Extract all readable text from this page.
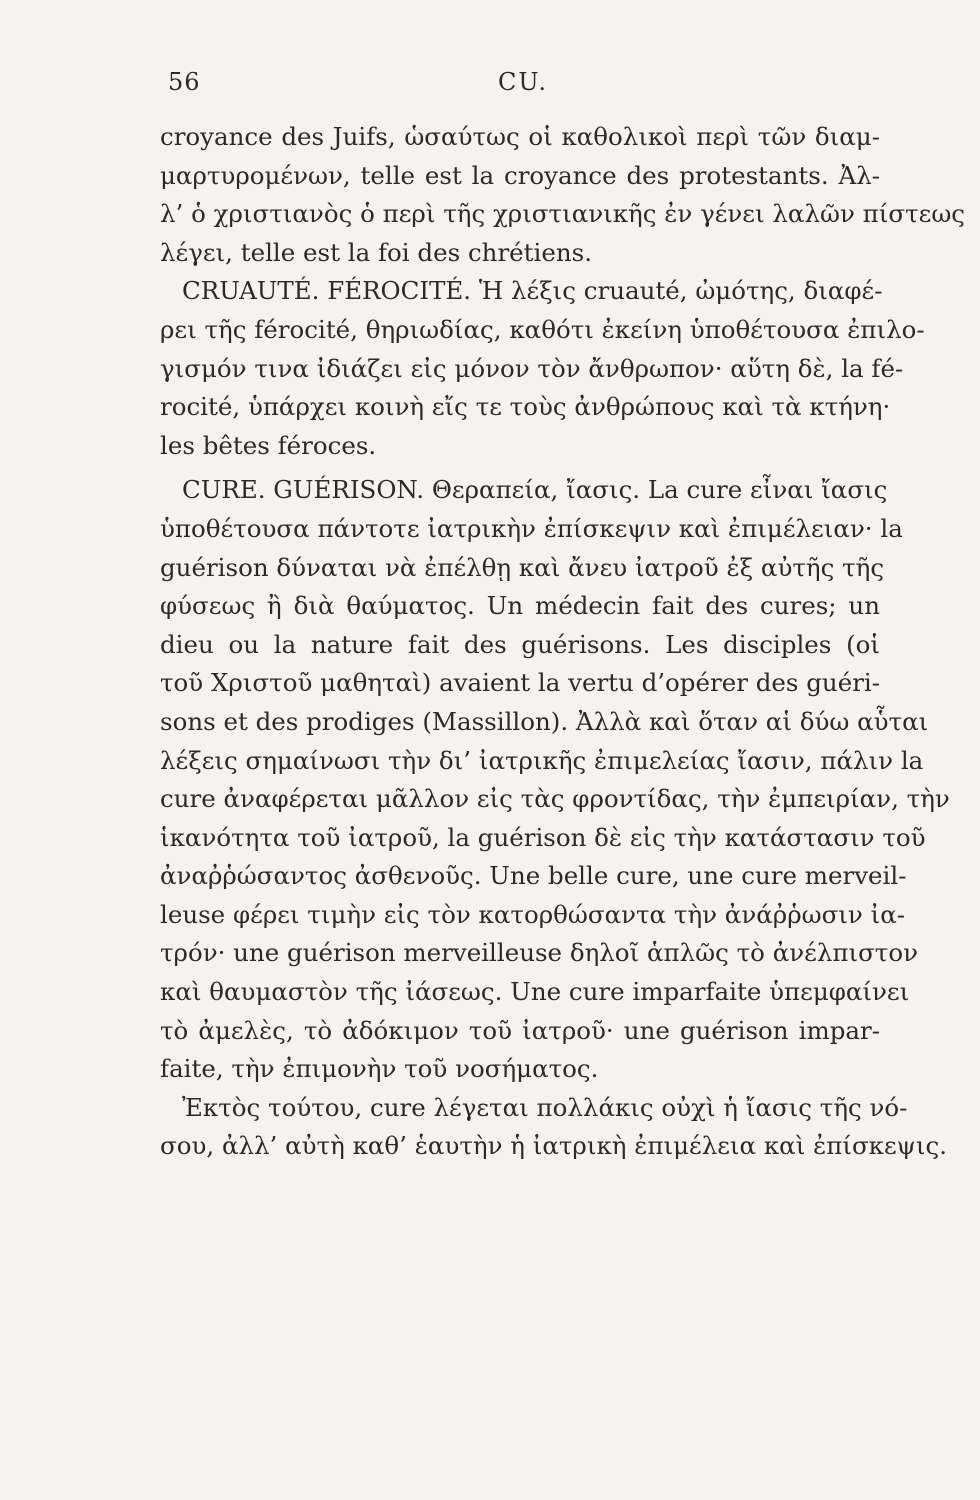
56	CU.
croyance des Juifs, ὡσαύτως οἱ καθολικοὶ περὶ τῶν διαμ-
μαρτυρομένων, telle est la croyance des protestants. Ἀλ-
λ’ ὁ χριστιανὸς ὁ περὶ τῆς χριστιανικῆς ἐν γένει λαλῶν πίστεως
λέγει, telle est la foi des chrétiens.
CRUAUTÉ. FÉROCITÉ. Ἡ λέξις cruauté, ὠμότης, διαφέ-
ρει τῆς férocité, θηριωδίας, καθότι ἐκείνη ὑποθέτουσα ἐπιλο-
γισμόν τινα ἰδιάζει εἰς μόνον τὸν ἄνθρωπον· αὕτη δὲ, la fé-
rocité, ὑπάρχει κοινὴ εἴς τε τοὺς ἀνθρώπους καὶ τὰ κτήνη·
les bêtes féroces.
CURE. GUÉRISON. Θεραπεία, ἴασις. La cure εἶναι ἴασις
ὑποθέτουσα πάντοτε ἰατρικὴν ἐπίσκεψιν καὶ ἐπιμέλειαν· la
guérison δύναται νὰ ἐπέλθῃ καὶ ἄνευ ἰατροῦ ἐξ αὐτῆς τῆς
φύσεως ἢ διὰ θαύματος. Un médecin fait des cures; un
dieu ou la nature fait des guérisons. Les disciples (οἱ
τοῦ Χριστοῦ μαθηταὶ) avaient la vertu d’opérer des guéri-
sons et des prodiges (Massillon). Ἀλλὰ καὶ ὅταν αἱ δύω αὗται
λέξεις σημαίνωσι τὴν δι’ ἰατρικῆς ἐπιμελείας ἴασιν, πάλιν la
cure ἀναφέρεται μᾶλλον εἰς τὰς φροντίδας, τὴν ἐμπειρίαν, τὴν
ἱκανότητα τοῦ ἰατροῦ, la guérison δὲ εἰς τὴν κατάστασιν τοῦ
ἀναῤῥώσαντος ἀσθενοῦς. Une belle cure, une cure merveil-
leuse φέρει τιμὴν εἰς τὸν κατορθώσαντα τὴν ἀνάῤῥωσιν ἰα-
τρόν· une guérison merveilleuse δηλοῖ ἁπλῶς τὸ ἀνέλπιστον
καὶ θαυμαστὸν τῆς ἰάσεως. Une cure imparfaite ὑπεμφαίνει
τὸ ἀμελὲς, τὸ ἀδόκιμον τοῦ ἰατροῦ· une guérison impar-
faite, τὴν ἐπιμονὴν τοῦ νοσήματος.
Ἐκτὸς τούτου, cure λέγεται πολλάκις οὐχὶ ἡ ἴασις τῆς νό-
σου, ἀλλ’ αὐτὴ καθ’ ἑαυτὴν ἡ ἰατρικὴ ἐπιμέλεια καὶ ἐπίσκεψις.
